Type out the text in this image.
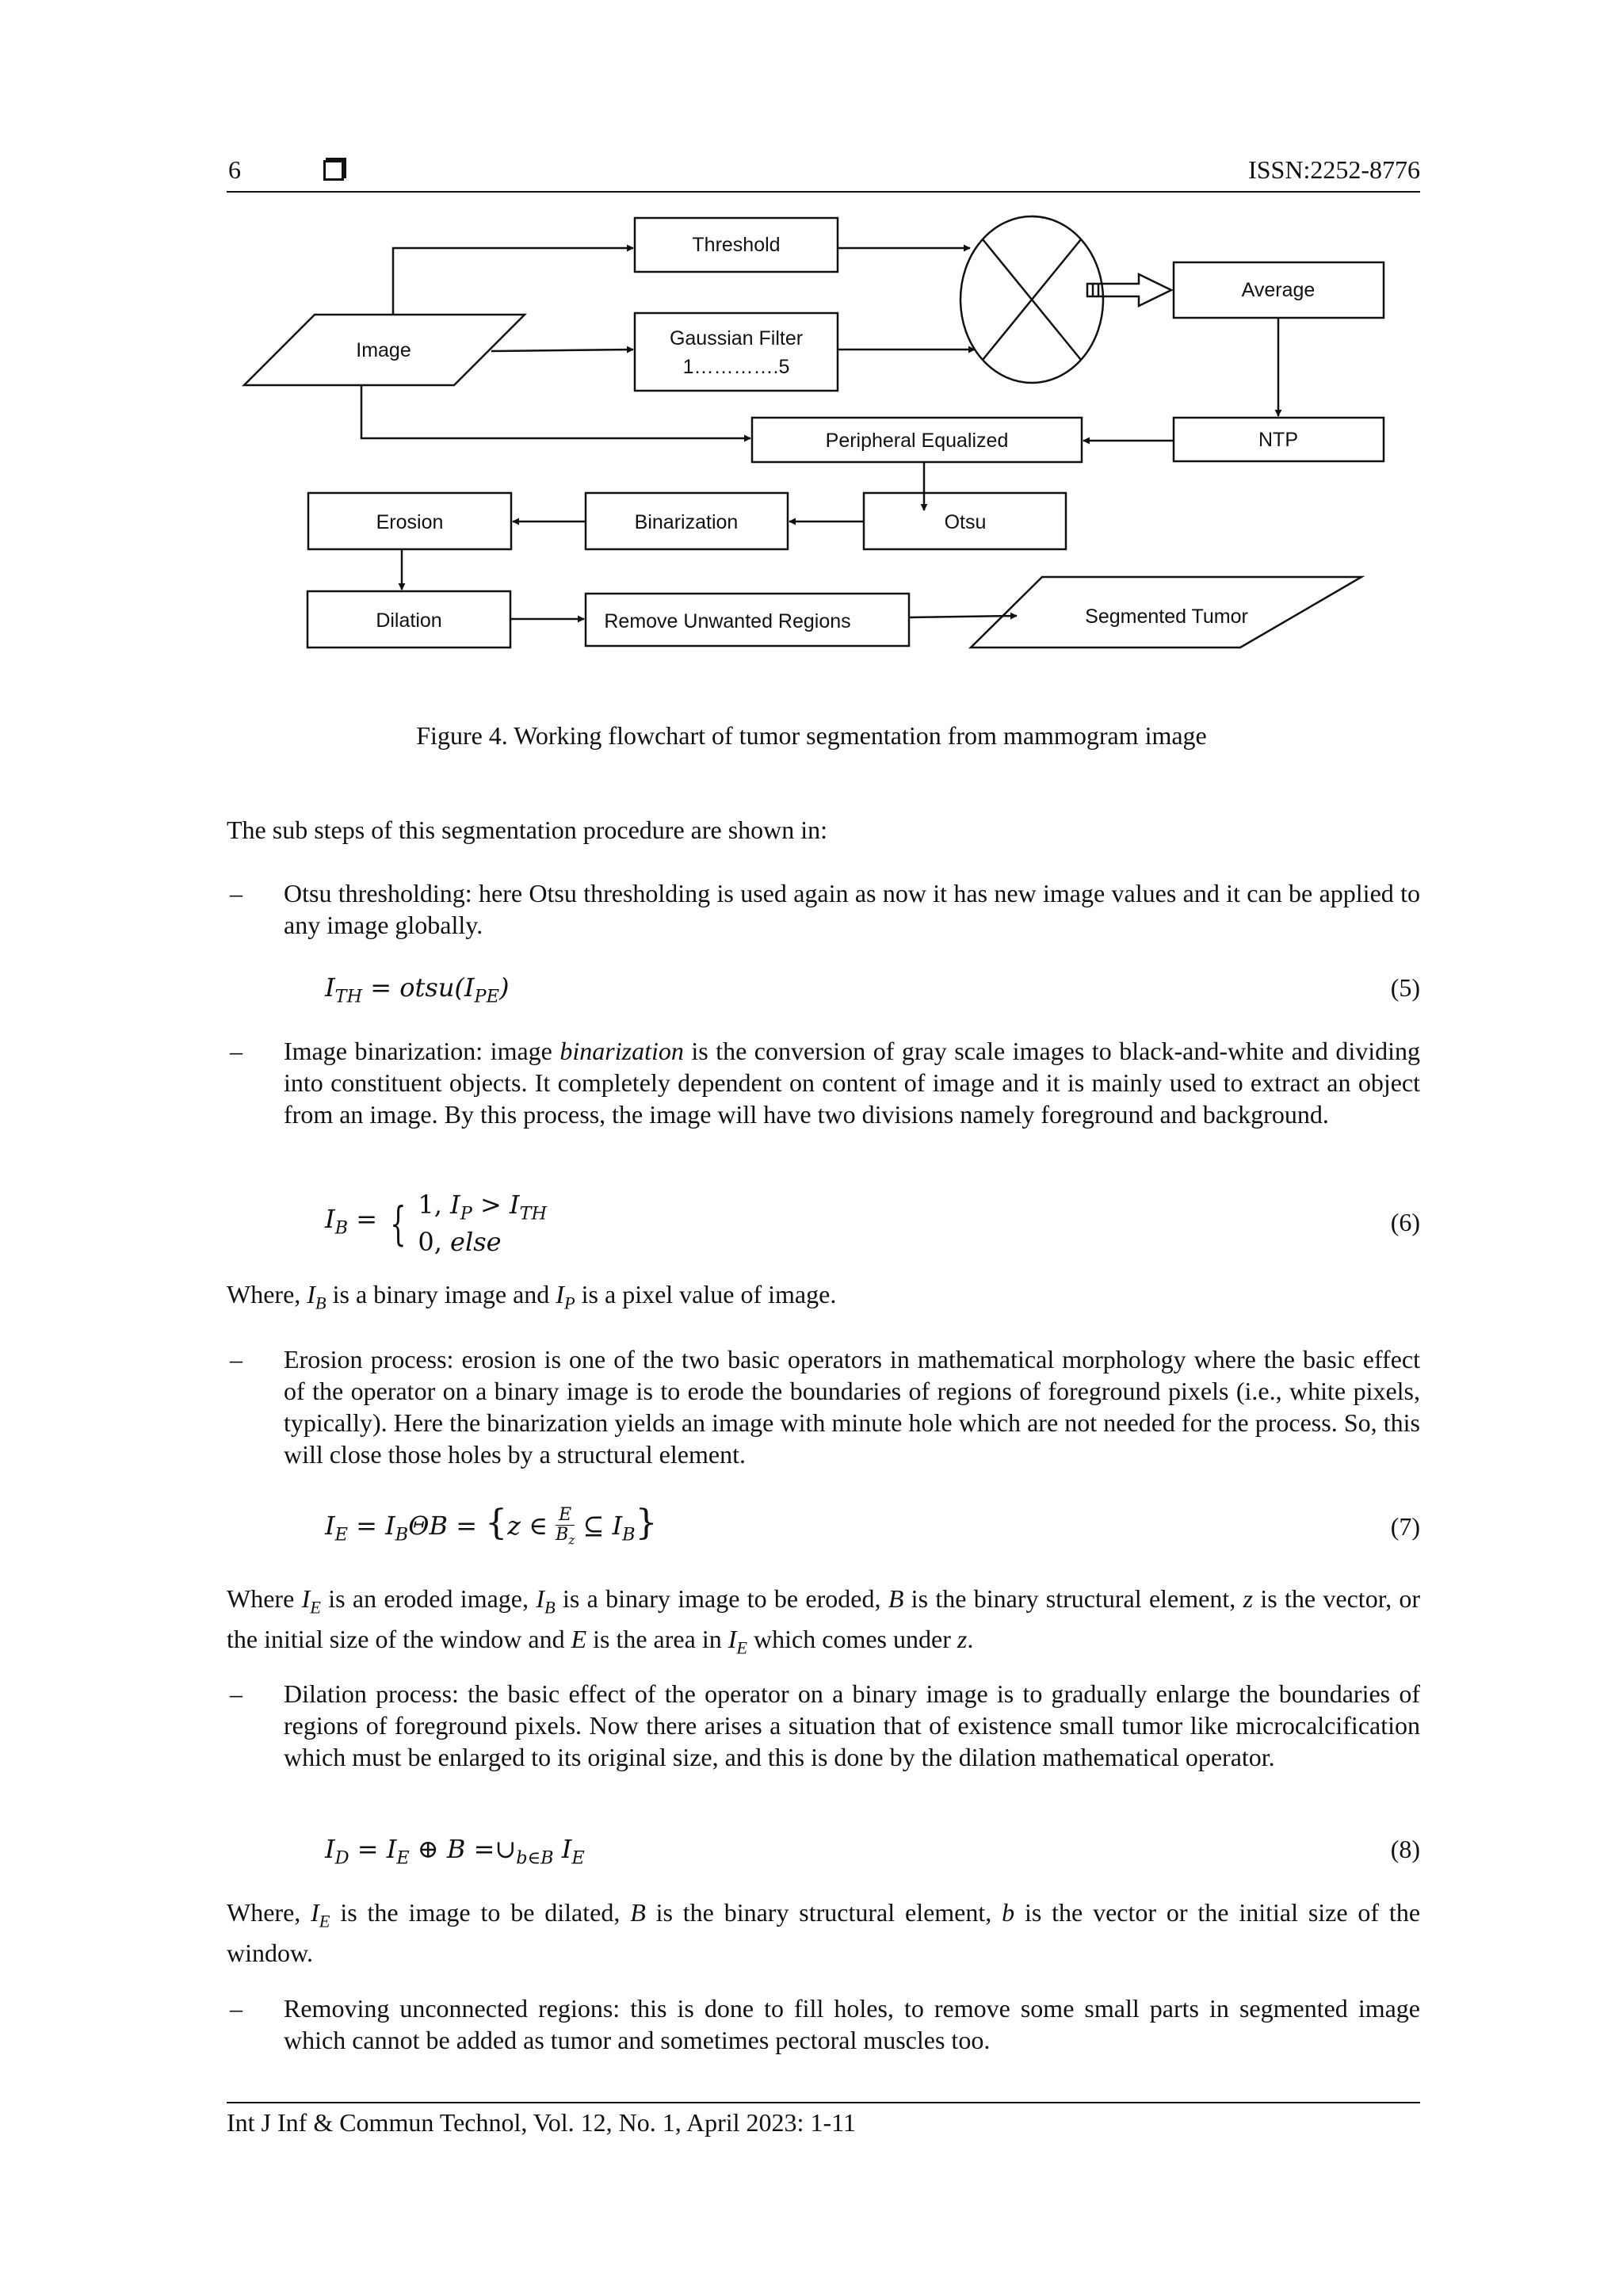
6	ISSN:2252-8776
Image
Threshold
Gaussian Filter
1………….5
Average
NTP
Peripheral Equalized
Otsu
Binarization
Erosion
Dilation	Remove Unwanted Regions	Segmented Tumor
Figure 4. Working flowchart of tumor segmentation from mammogram image
The sub steps of this segmentation procedure are shown in:
– Otsu thresholding: here Otsu thresholding is used again as now it has new image values and it can be applied to any image globally.
$I_{TH}$ = $otsu(I_{PE})$	(5)
– Image binarization: image binarization is the conversion of gray scale images to black-and-white and dividing into constituent objects. It completely dependent on content of image and it is mainly used to extract an object from an image. By this process, the image will have two divisions namely foreground and background.
$I_B$ = { 1, $I_P > I_{TH}$
0, else
(6)
Where, $I_B$ is a binary image and $I_P$ is a pixel value of image.
– Erosion process: erosion is one of the two basic operators in mathematical morphology where the basic effect of the operator on a binary image is to erode the boundaries of regions of foreground pixels (i.e., white pixels, typically). Here the binarization yields an image with minute hole which are not needed for the process. So, this will close those holes by a structural element.
$I_E = I_B\Theta B = \{z$ ∈ $\frac{E}{B_z}$ ⊆ $I_B$}	(7)
Where $I_E$ is an eroded image, $I_B$ is a binary image to be eroded, B is the binary structural element, z is the vector, or the initial size of the window and E is the area in $I_E$ which comes under z.
– Dilation process: the basic effect of the operator on a binary image is to gradually enlarge the boundaries of regions of foreground pixels. Now there arises a situation that of existence small tumor like microcalcification which must be enlarged to its original size, and this is done by the dilation mathematical operator.
$I_D = I_E$ ⊕ $B =\cup_{b\in B}$ $I_E$	(8)
Where, $I_E$ is the image to be dilated, B is the binary structural element, b is the vector or the initial size of the window.
– Removing unconnected regions: this is done to fill holes, to remove some small parts in segmented image which cannot be added as tumor and sometimes pectoral muscles too.
Int J Inf & Commun Technol, Vol. 12, No. 1, April 2023: 1-11
